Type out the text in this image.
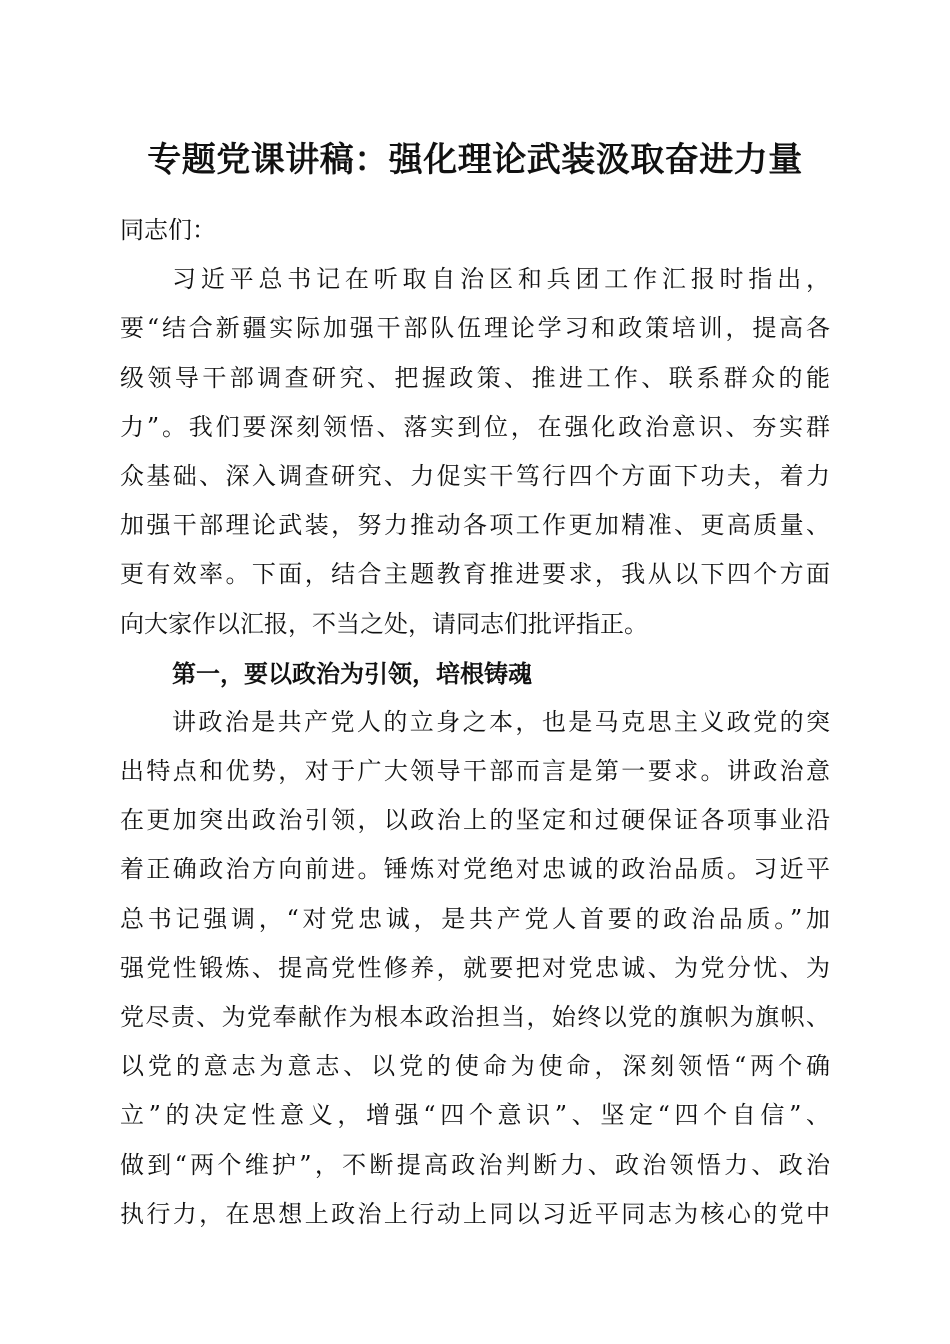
专题党课讲稿：强化理论武装汲取奋进力量
同志们：
习近平总书记在听取自治区和兵团工作汇报时指出，
要“结合新疆实际加强干部队伍理论学习和政策培训，提高各
级领导干部调查研究、把握政策、推进工作、联系群众的能
力”。我们要深刻领悟、落实到位，在强化政治意识、夯实群
众基础、深入调查研究、力促实干笃行四个方面下功夫，着力
加强干部理论武装，努力推动各项工作更加精准、更高质量、
更有效率。下面，结合主题教育推进要求，我从以下四个方面
向大家作以汇报，不当之处，请同志们批评指正。
第一，要以政治为引领，培根铸魂
讲政治是共产党人的立身之本，也是马克思主义政党的突
出特点和优势，对于广大领导干部而言是第一要求。讲政治意
在更加突出政治引领，以政治上的坚定和过硬保证各项事业沿
着正确政治方向前进。锤炼对党绝对忠诚的政治品质。习近平
总书记强调，“对党忠诚，是共产党人首要的政治品质。”加
强党性锻炼、提高党性修养，就要把对党忠诚、为党分忧、为
党尽责、为党奉献作为根本政治担当，始终以党的旗帜为旗帜、
以党的意志为意志、以党的使命为使命，深刻领悟“两个确
立”的决定性意义，增强“四个意识”、坚定“四个自信”、
做到“两个维护”，不断提高政治判断力、政治领悟力、政治
执行力，在思想上政治上行动上同以习近平同志为核心的党中
